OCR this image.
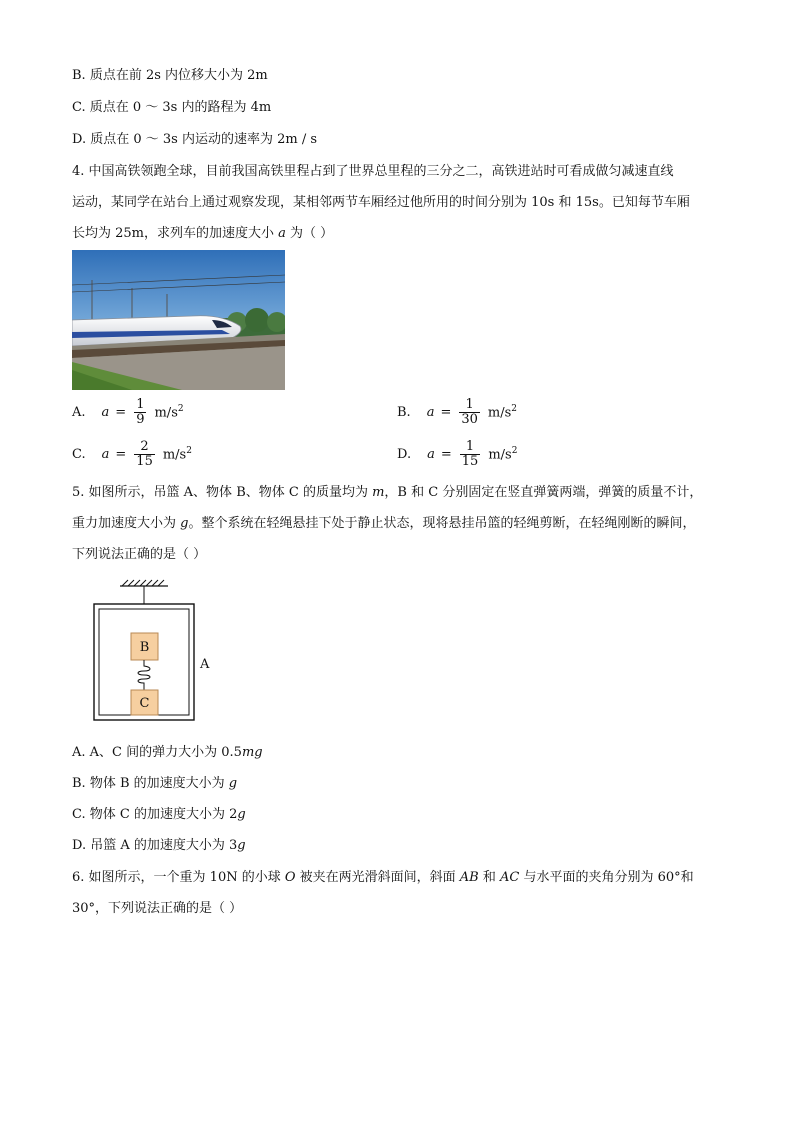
B. 质点在前 2s 内位移大小为 2m
C. 质点在 0 ～ 3s 内的路程为 4m
D. 质点在 0 ～ 3s 内运动的速率为 2m / s
4. 中国高铁领跑全球，目前我国高铁里程占到了世界总里程的三分之二，高铁进站时可看成做匀减速直线
运动，某同学在站台上通过观察发现，某相邻两节车厢经过他所用的时间分别为 10s 和 15s。已知每节车厢
长均为 25m，求列车的加速度大小 a 为（ ）
A. $a = \frac{1}{9} m/s^2$	B. $a = \frac{1}{30} m/s^2$
C. $a = \frac{2}{15} m/s^2$	D. $a = \frac{1}{15} m/s^2$
5. 如图所示，吊篮 A、物体 B、物体 C 的质量均为 m，B 和 C 分别固定在竖直弹簧两端，弹簧的质量不计，
重力加速度大小为 g。整个系统在轻绳悬挂下处于静止状态，现将悬挂吊篮的轻绳剪断，在轻绳刚断的瞬间，
下列说法正确的是（ ）
B
C
A
A. A、C 间的弹力大小为 0.5mg
B. 物体 B 的加速度大小为 g
C. 物体 C 的加速度大小为 2g
D. 吊篮 A 的加速度大小为 3g
6. 如图所示，一个重为 10N 的小球 O 被夹在两光滑斜面间，斜面 AB 和 AC 与水平面的夹角分别为 60°和
30°，下列说法正确的是（ ）
